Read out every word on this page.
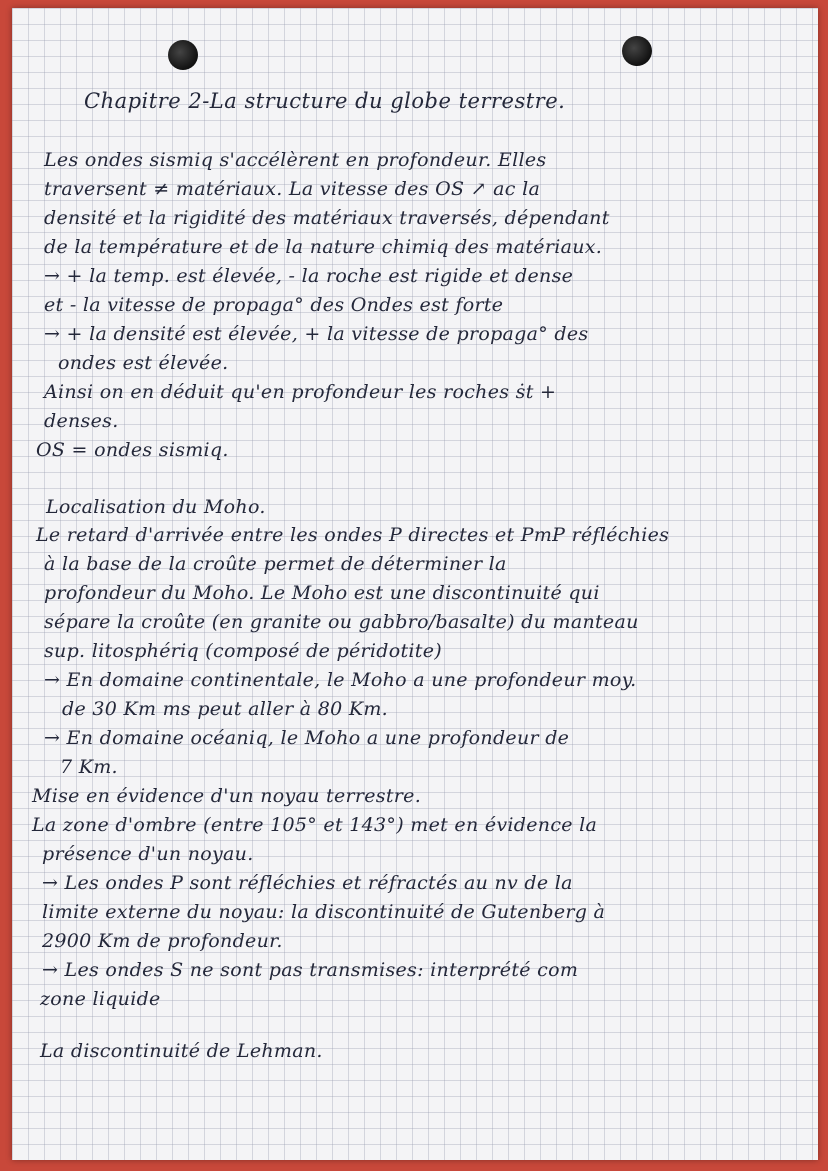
Chapitre 2-La structure du globe terrestre.
Les ondes sismiq s'accélèrent en profondeur. Elles
traversent ≠ matériaux. La vitesse des OS ↗ ac la
densité et la rigidité des matériaux traversés, dépendant
de la température et de la nature chimiq des matériaux.
→ + la temp. est élevée, - la roche est rigide et dense
et - la vitesse de propaga° des Ondes est forte
→ + la densité est élevée, + la vitesse de propaga° des
ondes est élevée.
Ainsi on en déduit qu'en profondeur les roches ṡt +
denses.
OS = ondes sismiq.
Localisation du Moho.
Le retard d'arrivée entre les ondes P directes et PmP réfléchies
à la base de la croûte permet de déterminer la
profondeur du Moho. Le Moho est une discontinuité qui
sépare la croûte (en granite ou gabbro/basalte) du manteau
sup. litosphériq (composé de péridotite)
→ En domaine continentale, le Moho a une profondeur moy.
de 30 Km ms peut aller à 80 Km.
→ En domaine océaniq, le Moho a une profondeur de
7 Km.
Mise en évidence d'un noyau terrestre.
La zone d'ombre (entre 105° et 143°) met en évidence la
présence d'un noyau.
→ Les ondes P sont réfléchies et réfractés au nv de la
limite externe du noyau: la discontinuité de Gutenberg à
2900 Km de profondeur.
→ Les ondes S ne sont pas transmises: interprété com
zone liquide
La discontinuité de Lehman.
